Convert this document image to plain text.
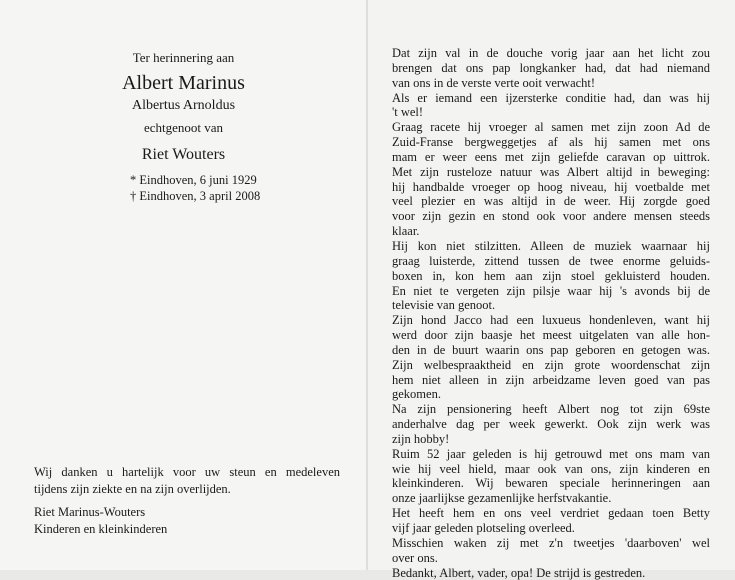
Ter herinnering aan
Albert Marinus
Albertus Arnoldus
echtgenoot van
Riet Wouters
* Eindhoven, 6 juni 1929
† Eindhoven, 3 april 2008
Wij danken u hartelijk voor uw steun en medeleven
tijdens zijn ziekte en na zijn overlijden.
Riet Marinus-Wouters
Kinderen en kleinkinderen
Dat zijn val in de douche vorig jaar aan het licht zou
brengen dat ons pap longkanker had, dat had niemand
van ons in de verste verte ooit verwacht!
Als er iemand een ijzersterke conditie had, dan was hij
't wel!
Graag racete hij vroeger al samen met zijn zoon Ad de
Zuid-Franse bergweggetjes af als hij samen met ons
mam er weer eens met zijn geliefde caravan op uittrok.
Met zijn rusteloze natuur was Albert altijd in beweging:
hij handbalde vroeger op hoog niveau, hij voetbalde met
veel plezier en was altijd in de weer. Hij zorgde goed
voor zijn gezin en stond ook voor andere mensen steeds
klaar.
Hij kon niet stilzitten. Alleen de muziek waarnaar hij
graag luisterde, zittend tussen de twee enorme geluids-
boxen in, kon hem aan zijn stoel gekluisterd houden.
En niet te vergeten zijn pilsje waar hij 's avonds bij de
televisie van genoot.
Zijn hond Jacco had een luxueus hondenleven, want hij
werd door zijn baasje het meest uitgelaten van alle hon-
den in de buurt waarin ons pap geboren en getogen was.
Zijn welbespraaktheid en zijn grote woordenschat zijn
hem niet alleen in zijn arbeidzame leven goed van pas
gekomen.
Na zijn pensionering heeft Albert nog tot zijn 69ste
anderhalve dag per week gewerkt. Ook zijn werk was
zijn hobby!
Ruim 52 jaar geleden is hij getrouwd met ons mam van
wie hij veel hield, maar ook van ons, zijn kinderen en
kleinkinderen. Wij bewaren speciale herinneringen aan
onze jaarlijkse gezamenlijke herfstvakantie.
Het heeft hem en ons veel verdriet gedaan toen Betty
vijf jaar geleden plotseling overleed.
Misschien waken zij met z'n tweetjes 'daarboven' wel
over ons.
Bedankt, Albert, vader, opa! De strijd is gestreden.
